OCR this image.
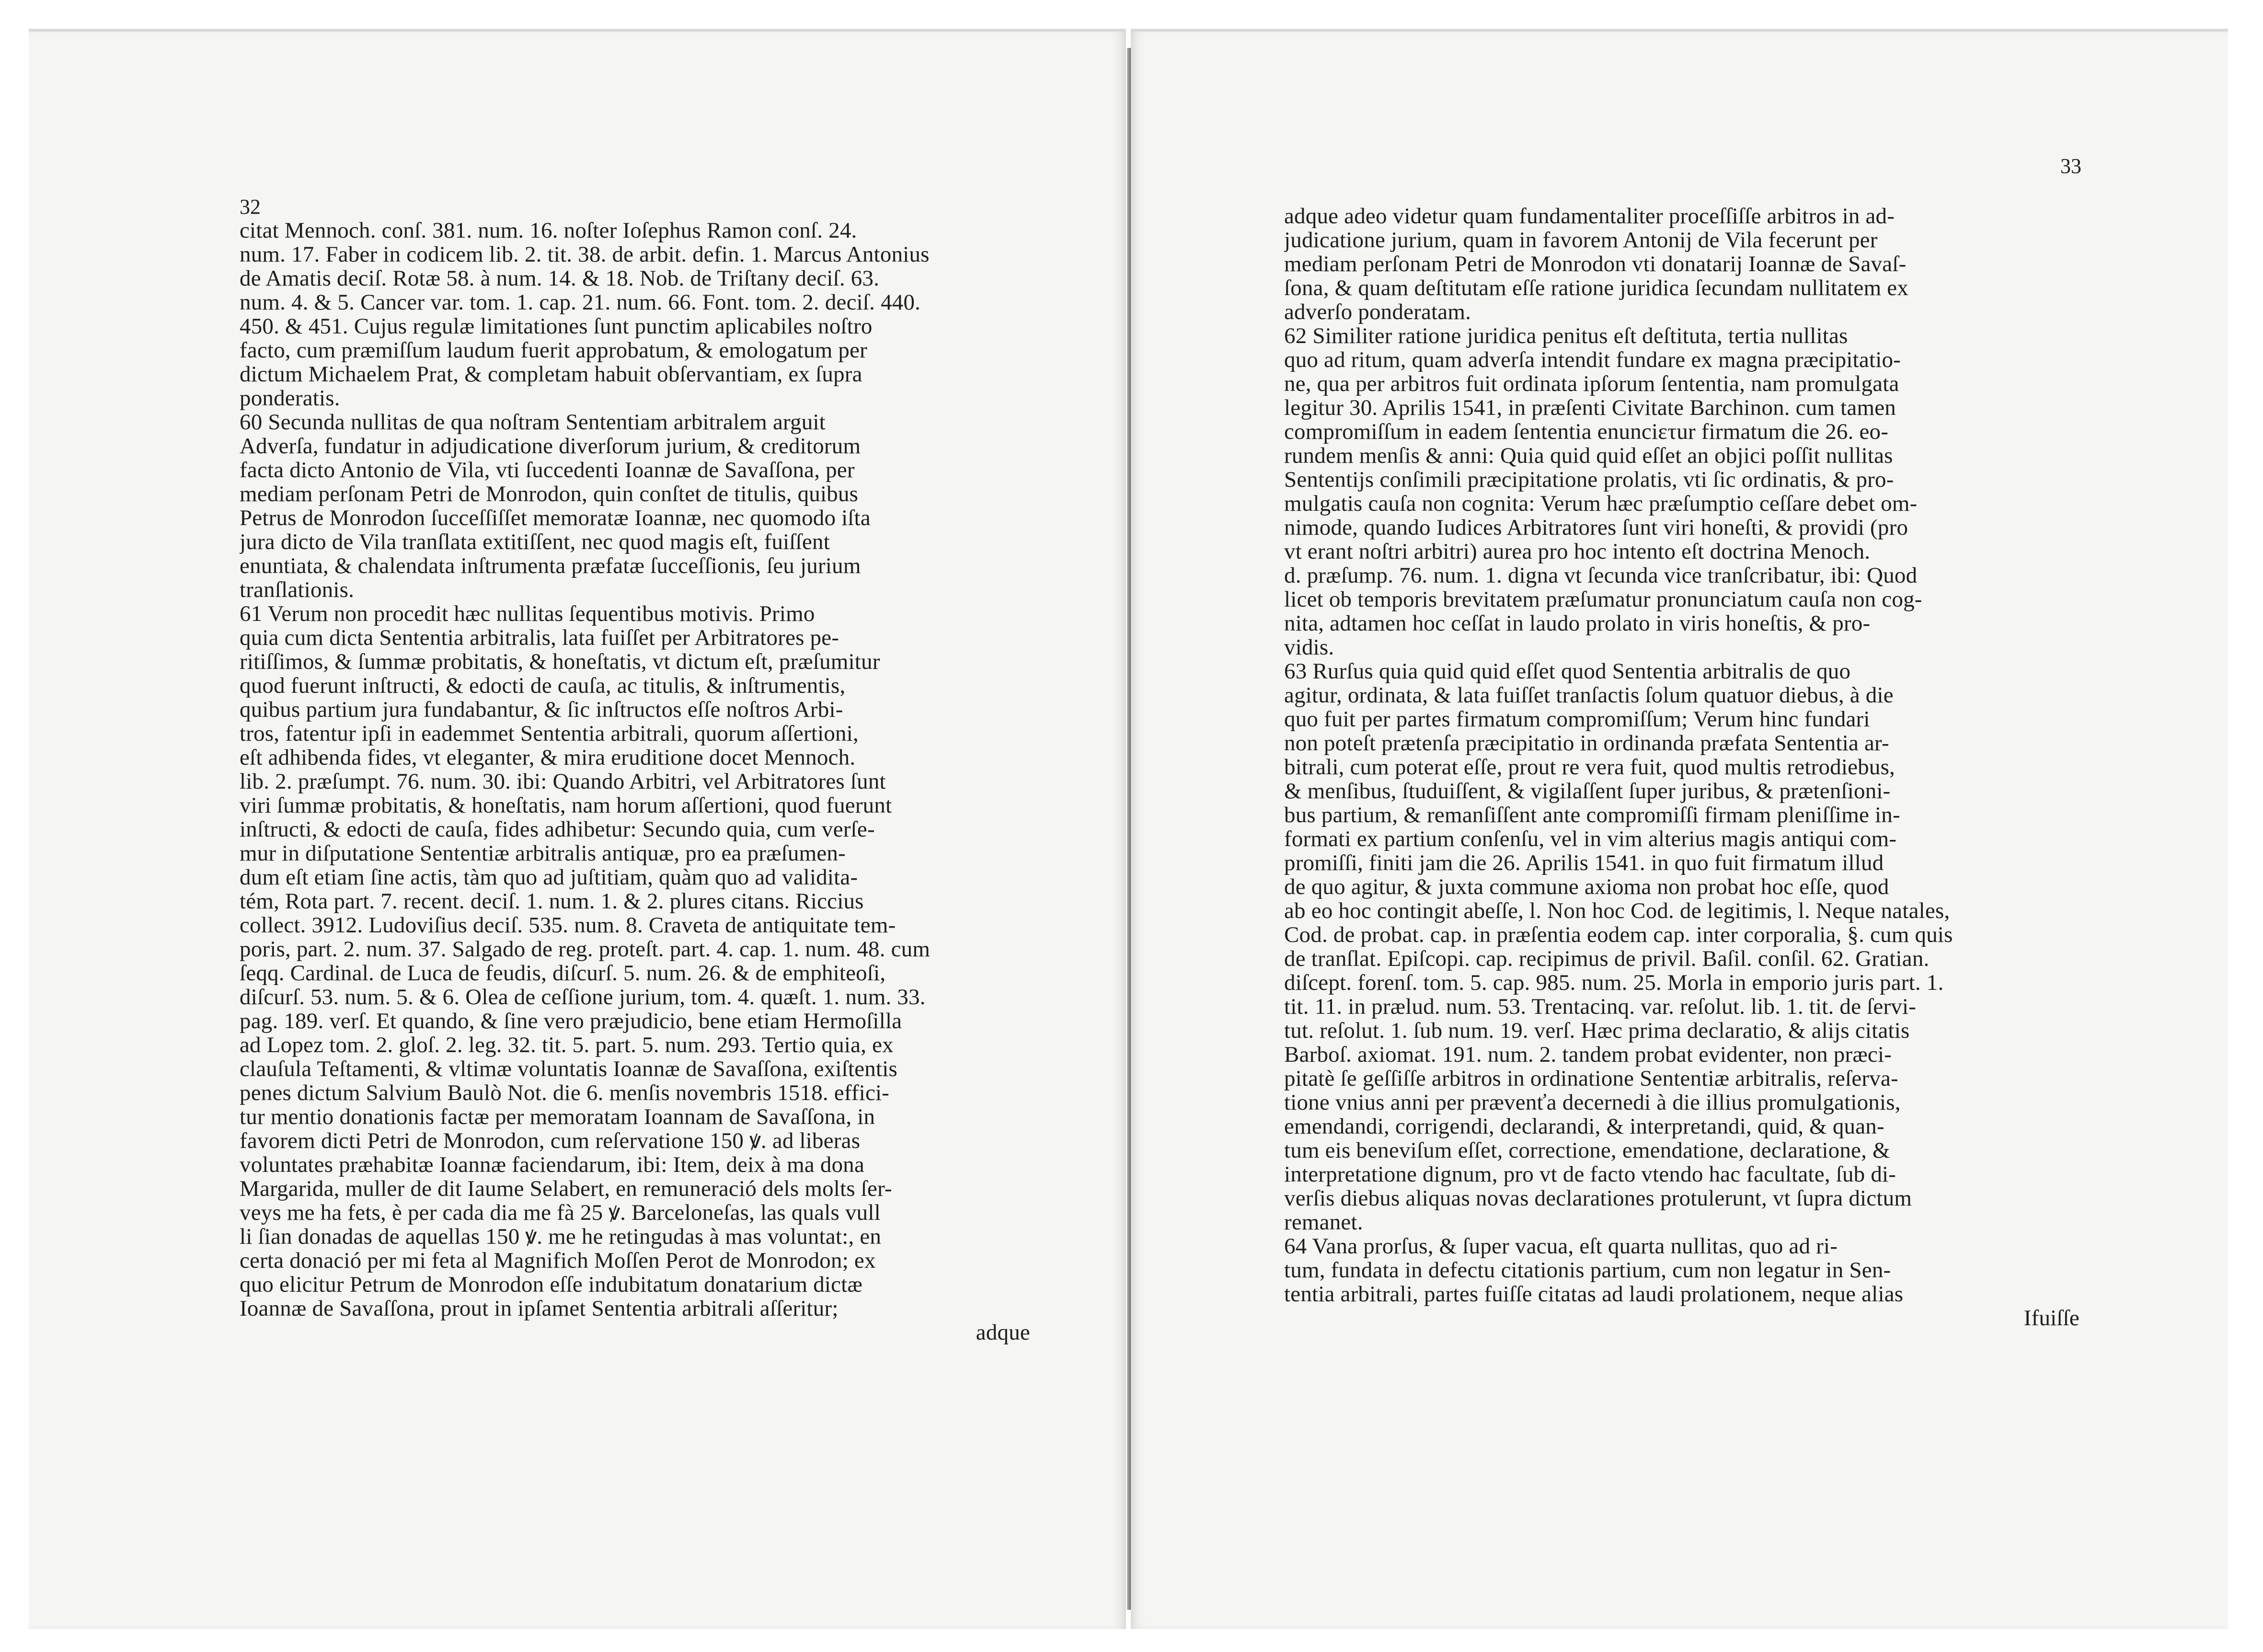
32
citat Mennoch. conſ. 381. num. 16. noſter Ioſephus Ramon conſ. 24.
num. 17. Faber in codicem lib. 2. tit. 38. de arbit. defin. 1. Marcus Antonius
de Amatis deciſ. Rotæ 58. à num. 14. & 18. Nob. de Triſtany deciſ. 63.
num. 4. & 5. Cancer var. tom. 1. cap. 21. num. 66. Font. tom. 2. deciſ. 440.
450. & 451. Cujus regulæ limitationes ſunt punctim aplicabiles noſtro
facto, cum præmiſſum laudum fuerit approbatum, & emologatum per
dictum Michaelem Prat, & completam habuit obſervantiam, ex ſupra
ponderatis.
60 Secunda nullitas de qua noſtram Sententiam arbitralem arguit
Adverſa, fundatur in adjudicatione diverſorum jurium, & creditorum
facta dicto Antonio de Vila, vti ſuccedenti Ioannæ de Savaſſona, per
mediam perſonam Petri de Monrodon, quin conſtet de titulis, quibus
Petrus de Monrodon ſucceſſiſſet memoratæ Ioannæ, nec quomodo iſta
jura dicto de Vila tranſlata extitiſſent, nec quod magis eſt, fuiſſent
enuntiata, & chalendata inſtrumenta præfatæ ſucceſſionis, ſeu jurium
tranſlationis.
61 Verum non procedit hæc nullitas ſequentibus motivis. Primo
quia cum dicta Sententia arbitralis, lata fuiſſet per Arbitratores pe-
ritiſſimos, & ſummæ probitatis, & honeſtatis, vt dictum eſt, præſumitur
quod fuerunt inſtructi, & edocti de cauſa, ac titulis, & inſtrumentis,
quibus partium jura fundabantur, & ſic inſtructos eſſe noſtros Arbi-
tros, fatentur ipſi in eademmet Sententia arbitrali, quorum aſſertioni,
eſt adhibenda fides, vt eleganter, & mira eruditione docet Mennoch.
lib. 2. præſumpt. 76. num. 30. ibi: Quando Arbitri, vel Arbitratores ſunt
viri ſummæ probitatis, & honeſtatis, nam horum aſſertioni, quod fuerunt
inſtructi, & edocti de cauſa, fides adhibetur: Secundo quia, cum verſe-
mur in diſputatione Sententiæ arbitralis antiquæ, pro ea præſumen-
dum eſt etiam ſine actis, tàm quo ad juſtitiam, quàm quo ad validita-
tém, Rota part. 7. recent. deciſ. 1. num. 1. & 2. plures citans. Riccius
collect. 3912. Ludoviſius deciſ. 535. num. 8. Craveta de antiquitate tem-
poris, part. 2. num. 37. Salgado de reg. proteſt. part. 4. cap. 1. num. 48. cum
ſeqq. Cardinal. de Luca de feudis, diſcurſ. 5. num. 26. & de emphiteoſi,
diſcurſ. 53. num. 5. & 6. Olea de ceſſione jurium, tom. 4. quæſt. 1. num. 33.
pag. 189. verſ. Et quando, & ſine vero præjudicio, bene etiam Hermoſilla
ad Lopez tom. 2. gloſ. 2. leg. 32. tit. 5. part. 5. num. 293. Tertio quia, ex
clauſula Teſtamenti, & vltimæ voluntatis Ioannæ de Savaſſona, exiſtentis
penes dictum Salvium Baulò Not. die 6. menſis novembris 1518. effici-
tur mentio donationis factæ per memoratam Ioannam de Savaſſona, in
favorem dicti Petri de Monrodon, cum reſervatione 150 ꝟ. ad liberas
voluntates præhabitæ Ioannæ faciendarum, ibi: Item, deix à ma dona
Margarida, muller de dit Iaume Selabert, en remuneració dels molts ſer-
veys me ha fets, è per cada dia me fà 25 ꝟ. Barceloneſas, las quals vull
li ſian donadas de aquellas 150 ꝟ. me he retingudas à mas voluntat:, en
certa donació per mi feta al Magnifich Moſſen Perot de Monrodon; ex
quo elicitur Petrum de Monrodon eſſe indubitatum donatarium dictæ
Ioannæ de Savaſſona, prout in ipſamet Sententia arbitrali aſſeritur;
adque
33
adque adeo videtur quam fundamentaliter proceſſiſſe arbitros in ad-
judicatione jurium, quam in favorem Antonij de Vila fecerunt per
mediam perſonam Petri de Monrodon vti donatarij Ioannæ de Savaſ-
ſona, & quam deſtitutam eſſe ratione juridica ſecundam nullitatem ex
adverſo ponderatam.
62 Similiter ratione juridica penitus eſt deſtituta, tertia nullitas
quo ad ritum, quam adverſa intendit fundare ex magna præcipitatio-
ne, qua per arbitros fuit ordinata ipſorum ſententia, nam promulgata
legitur 30. Aprilis 1541, in præſenti Civitate Barchinon. cum tamen
compromiſſum in eadem ſententia enunciετur firmatum die 26. eo-
rundem menſis & anni: Quia quid quid eſſet an objici poſſit nullitas
Sententijs conſimili præcipitatione prolatis, vti ſic ordinatis, & pro-
mulgatis cauſa non cognita: Verum hæc præſumptio ceſſare debet om-
nimode, quando Iudices Arbitratores ſunt viri honeſti, & providi (pro
vt erant noſtri arbitri) aurea pro hoc intento eſt doctrina Menoch.
d. præſump. 76. num. 1. digna vt ſecunda vice tranſcribatur, ibi: Quod
licet ob temporis brevitatem præſumatur pronunciatum cauſa non cog-
nita, adtamen hoc ceſſat in laudo prolato in viris honeſtis, & pro-
vidis.
63 Rurſus quia quid quid eſſet quod Sententia arbitralis de quo
agitur, ordinata, & lata fuiſſet tranſactis ſolum quatuor diebus, à die
quo fuit per partes firmatum compromiſſum; Verum hinc fundari
non poteſt prætenſa præcipitatio in ordinanda præfata Sententia ar-
bitrali, cum poterat eſſe, prout re vera fuit, quod multis retrodiebus,
& menſibus, ſtuduiſſent, & vigilaſſent ſuper juribus, & prætenſioni-
bus partium, & remanſiſſent ante compromiſſi firmam pleniſſime in-
formati ex partium conſenſu, vel in vim alterius magis antiqui com-
promiſſi, finiti jam die 26. Aprilis 1541. in quo fuit firmatum illud
de quo agitur, & juxta commune axioma non probat hoc eſſe, quod
ab eo hoc contingit abeſſe, l. Non hoc Cod. de legitimis, l. Neque natales,
Cod. de probat. cap. in præſentia eodem cap. inter corporalia, §. cum quis
de tranſlat. Epiſcopi. cap. recipimus de privil. Baſil. conſil. 62. Gratian.
diſcept. forenſ. tom. 5. cap. 985. num. 25. Morla in emporio juris part. 1.
tit. 11. in prælud. num. 53. Trentacinq. var. reſolut. lib. 1. tit. de ſervi-
tut. reſolut. 1. ſub num. 19. verſ. Hæc prima declaratio, & alijs citatis
Barboſ. axiomat. 191. num. 2. tandem probat evidenter, non præci-
pitatè ſe geſſiſſe arbitros in ordinatione Sententiæ arbitralis, reſerva-
tione vnius anni per prævenťa decernedi à die illius promulgationis,
emendandi, corrigendi, declarandi, & interpretandi, quid, & quan-
tum eis beneviſum eſſet, correctione, emendatione, declaratione, &
interpretatione dignum, pro vt de facto vtendo hac facultate, ſub di-
verſis diebus aliquas novas declarationes protulerunt, vt ſupra dictum
remanet.
64 Vana prorſus, & ſuper vacua, eſt quarta nullitas, quo ad ri-
tum, fundata in defectu citationis partium, cum non legatur in Sen-
tentia arbitrali, partes fuiſſe citatas ad laudi prolationem, neque alias
Ifuiſſe
